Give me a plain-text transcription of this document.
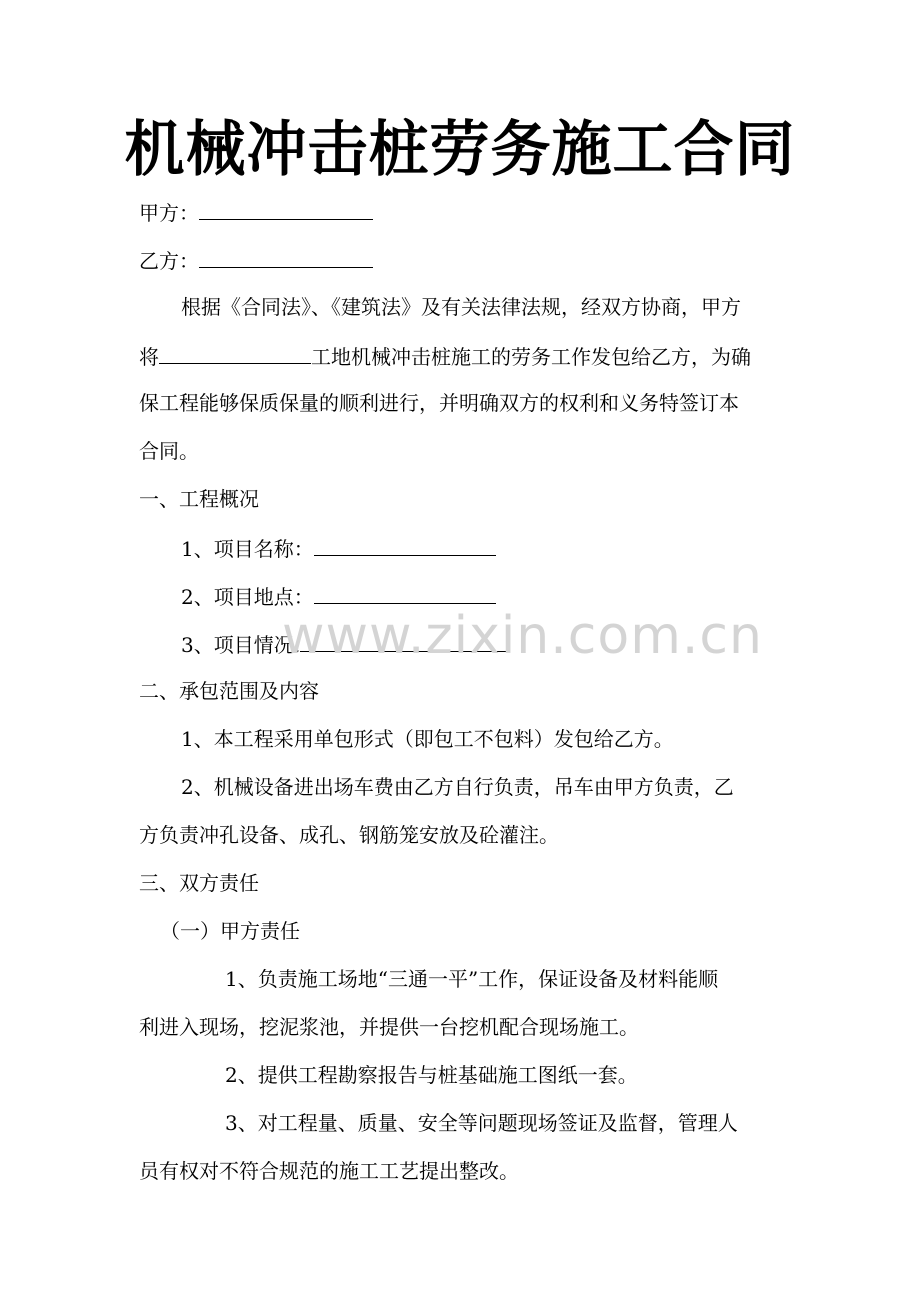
机械冲击桩劳务施工合同
甲方：
乙方：
根据《合同法》、《建筑法》及有关法律法规，经双方协商，甲方
将	工地机械冲击桩施工的劳务工作发包给乙方，为确
保工程能够保质保量的顺利进行，并明确双方的权利和义务特签订本
合同。
一、工程概况
1、项目名称：
2、项目地点：
3、项目情况:
www.zixin.com.cn
二、承包范围及内容
1、本工程采用单包形式（即包工不包料）发包给乙方。
2、机械设备进出场车费由乙方自行负责，吊车由甲方负责，乙
方负责冲孔设备、成孔、钢筋笼安放及砼灌注。
三、双方责任
（一）甲方责任
1、负责施工场地“三通一平”工作，保证设备及材料能顺
利进入现场，挖泥浆池，并提供一台挖机配合现场施工。
2、提供工程勘察报告与桩基础施工图纸一套。
3、对工程量、质量、安全等问题现场签证及监督，管理人
员有权对不符合规范的施工工艺提出整改。
